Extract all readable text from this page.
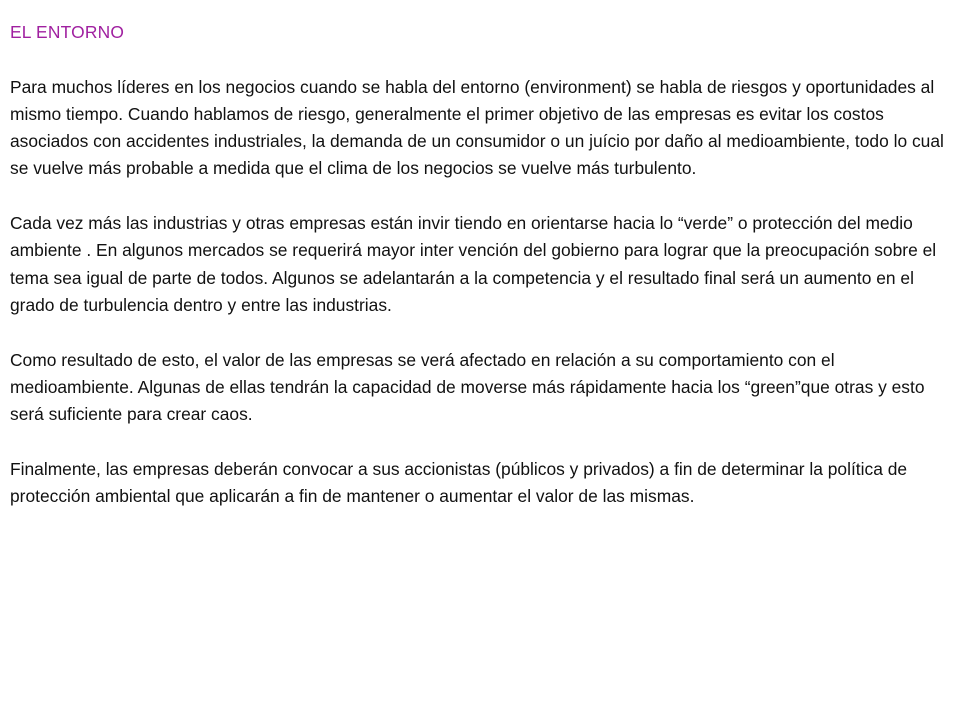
EL ENTORNO

Para muchos líderes en los negocios cuando se habla del entorno (environment) se habla de riesgos y oportunidades al mismo tiempo. Cuando hablamos de riesgo, generalmente el primer objetivo de las empresas es evitar los costos asociados con accidentes industriales, la demanda de un consumidor o un juício por daño al medioambiente, todo lo cual se vuelve más probable a medida que el clima de los negocios se vuelve más turbulento.

Cada vez más las industrias y otras empresas están invir tiendo en orientarse hacia lo “verde” o protección del medio ambiente . En algunos mercados se requerirá mayor inter vención del gobierno para lograr que la preocupación sobre el tema sea igual de parte de todos. Algunos se adelantarán a la competencia y el resultado final será un aumento en el grado de turbulencia dentro y entre las industrias.

Como resultado de esto, el valor de las empresas se verá afectado en relación a su comportamiento con el medioambiente. Algunas de ellas tendrán la capacidad de moverse más rápidamente hacia los “green”que otras y esto será suficiente para crear caos.

Finalmente, las empresas deberán convocar a sus accionistas (públicos y privados) a fin de determinar la política de protección ambiental que aplicarán a fin de mantener o aumentar el valor de las mismas.
